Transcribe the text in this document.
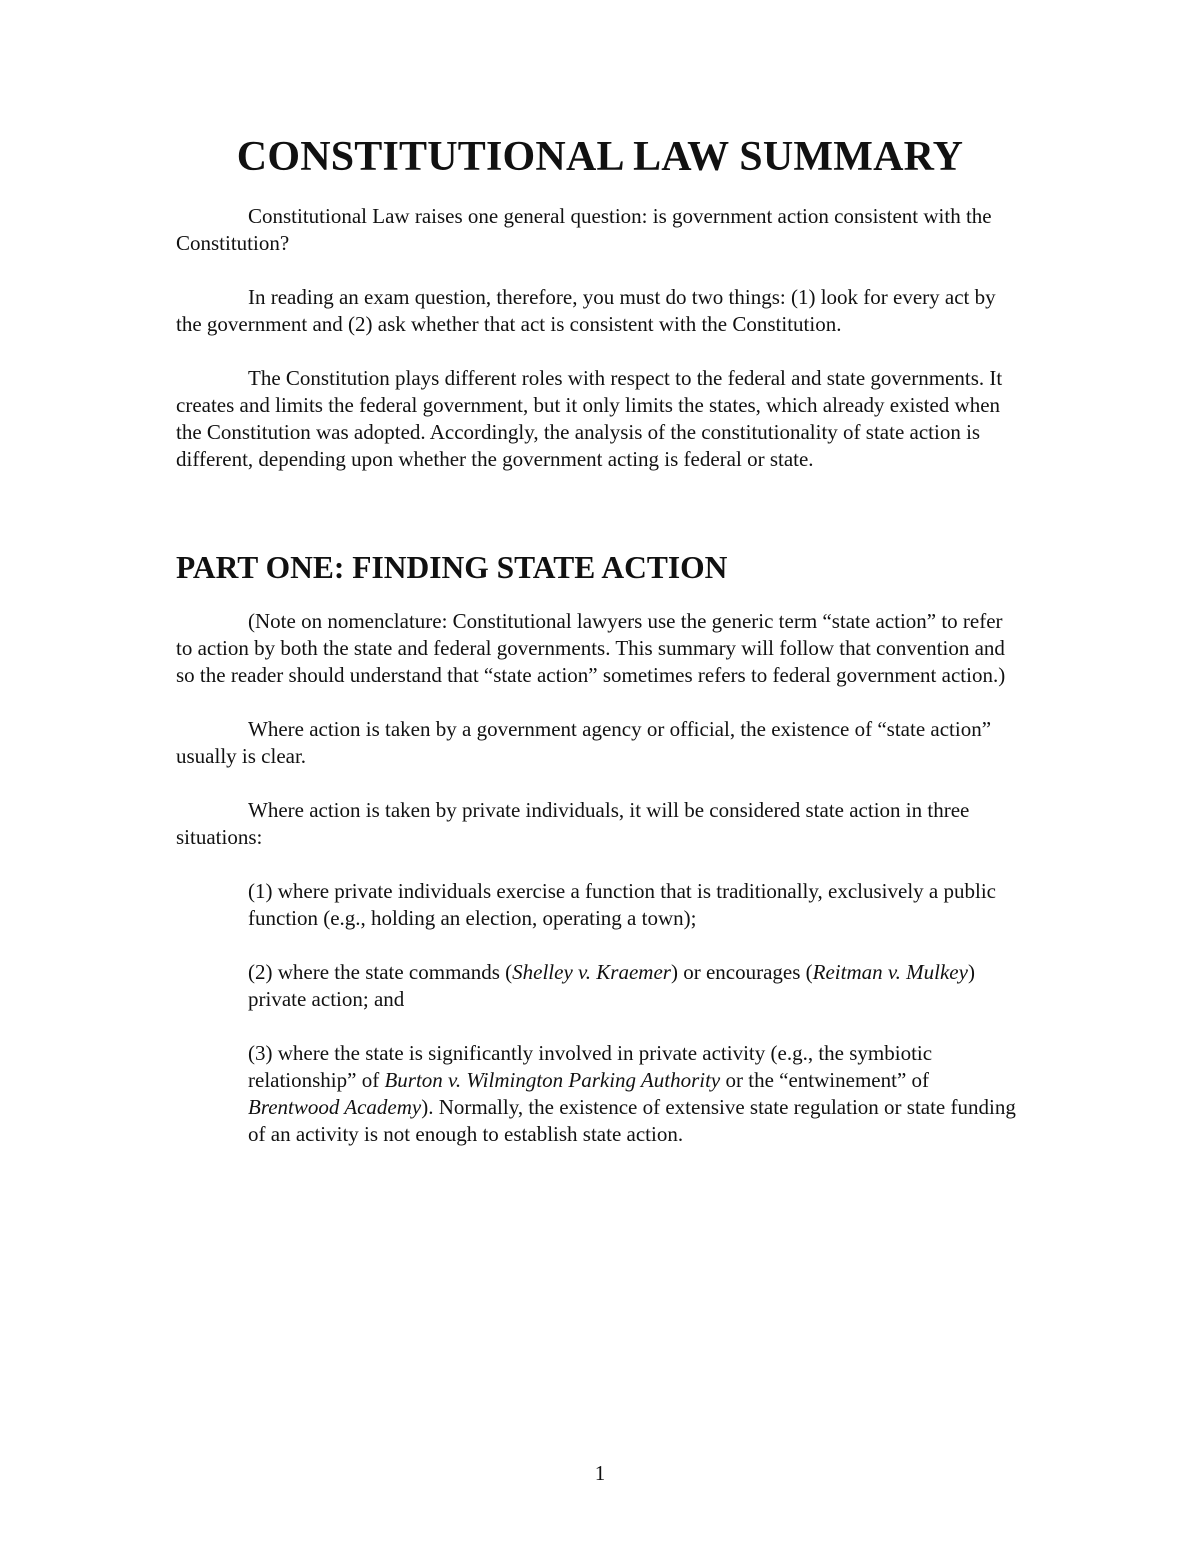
CONSTITUTIONAL LAW SUMMARY

Constitutional Law raises one general question: is government action consistent with the Constitution?

In reading an exam question, therefore, you must do two things: (1) look for every act by the government and (2) ask whether that act is consistent with the Constitution.

The Constitution plays different roles with respect to the federal and state governments. It creates and limits the federal government, but it only limits the states, which already existed when the Constitution was adopted. Accordingly, the analysis of the constitutionality of state action is different, depending upon whether the government acting is federal or state.

PART ONE: FINDING STATE ACTION

(Note on nomenclature: Constitutional lawyers use the generic term “state action” to refer to action by both the state and federal governments. This summary will follow that convention and so the reader should understand that “state action” sometimes refers to federal government action.)

Where action is taken by a government agency or official, the existence of “state action” usually is clear.

Where action is taken by private individuals, it will be considered state action in three situations:

(1) where private individuals exercise a function that is traditionally, exclusively a public function (e.g., holding an election, operating a town);

(2) where the state commands (Shelley v. Kraemer) or encourages (Reitman v. Mulkey) private action; and

(3) where the state is significantly involved in private activity (e.g., the symbiotic relationship” of Burton v. Wilmington Parking Authority or the “entwinement” of Brentwood Academy). Normally, the existence of extensive state regulation or state funding of an activity is not enough to establish state action.

1
